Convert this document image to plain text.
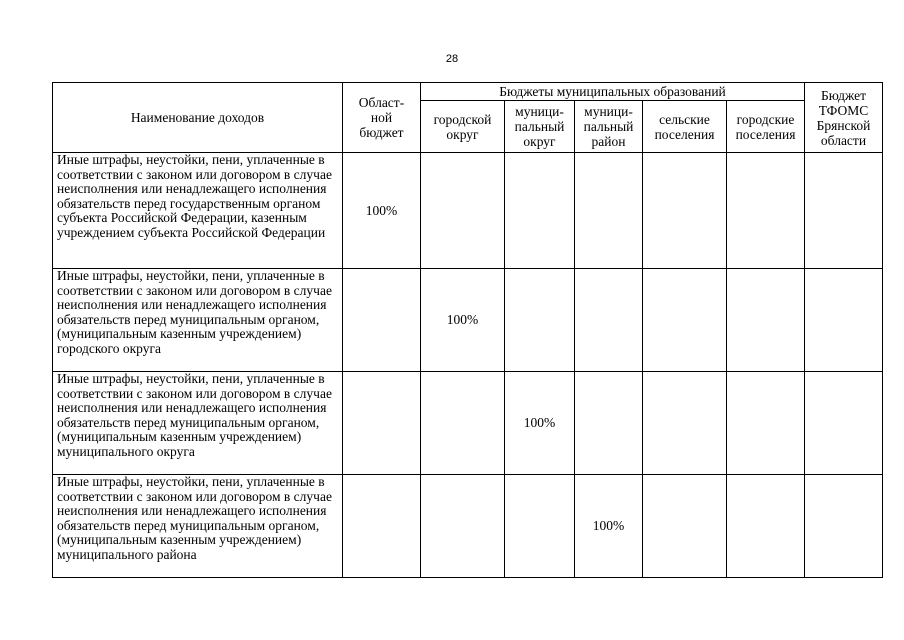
28
Наименование доходов	Област-
ной
бюджет	Бюджеты муниципальных образований					Бюджет
ТФОМС
Брянской
области
		городской
округ	муници-
пальный
округ	муници-
пальный
район	сельские
поселения	городские
поселения	
Иные штрафы, неустойки, пени, уплаченные в соответствии с законом или договором в случае неисполнения или ненадлежащего исполнения обязательств перед государственным органом субъекта Российской Федерации, казенным учреждением субъекта Российской Федерации	100%						
Иные штрафы, неустойки, пени, уплаченные в соответствии с законом или договором в случае неисполнения или ненадлежащего исполнения обязательств перед муниципальным органом, (муниципальным казенным учреждением) городского округа		100%					
Иные штрафы, неустойки, пени, уплаченные в соответствии с законом или договором в случае неисполнения или ненадлежащего исполнения обязательств перед муниципальным органом, (муниципальным казенным учреждением) муниципального округа			100%				
Иные штрафы, неустойки, пени, уплаченные в соответствии с законом или договором в случае неисполнения или ненадлежащего исполнения обязательств перед муниципальным органом, (муниципальным казенным учреждением) муниципального района				100%			
